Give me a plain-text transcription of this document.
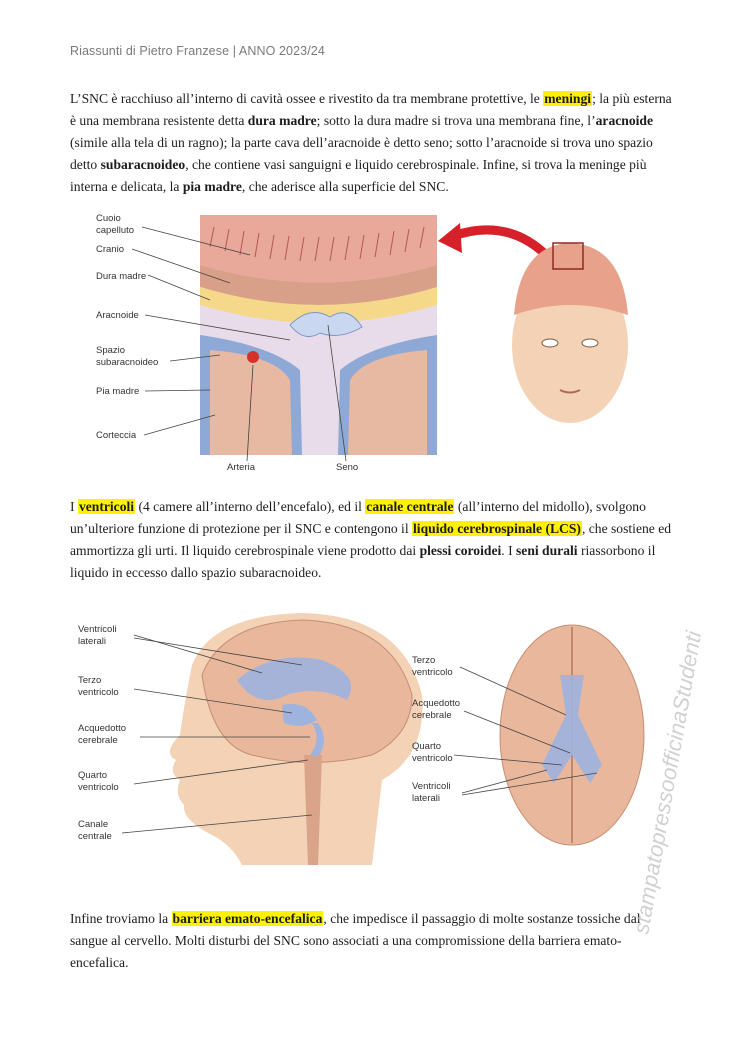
Riassunti di Pietro Franzese | ANNO 2023/24
L’SNC è racchiuso all’interno di cavità ossee e rivestito da tra membrane protettive, le meningi; la più esterna è una membrana resistente detta dura madre; sotto la dura madre si trova una membrana fine, l’aracnoide (simile alla tela di un ragno); la parte cava dell’aracnoide è detto seno; sotto l’aracnoide si trova uno spazio detto subaracnoideo, che contiene vasi sanguigni e liquido cerebrospinale. Infine, si trova la meninge più interna e delicata, la pia madre, che aderisce alla superficie del SNC.
Cuoio
capelluto
Cranio
Dura madre
Aracnoide
Spazio
subaracnoideo
Pia madre
Corteccia
Arteria	Seno
I ventricoli (4 camere all’interno dell’encefalo), ed il canale centrale (all’interno del midollo), svolgono un’ulteriore funzione di protezione per il SNC e contengono il liquido cerebrospinale (LCS), che sostiene ed ammortizza gli urti. Il liquido cerebrospinale viene prodotto dai plessi coroidei. I seni durali riassorbono il liquido in eccesso dallo spazio subaracnoideo.
Ventricoli
laterali
Terzo
ventricolo
Acquedotto
cerebrale
Quarto
ventricolo
Canale
centrale
Terzo
ventricolo
Acquedotto
cerebrale
Quarto
ventricolo
Ventricoli
laterali
Infine troviamo la barriera emato-encefalica, che impedisce il passaggio di molte sostanze tossiche dal sangue al cervello. Molti disturbi del SNC sono associati a una compromissione della barriera emato-encefalica.
stampatopressoofficinaStudenti
